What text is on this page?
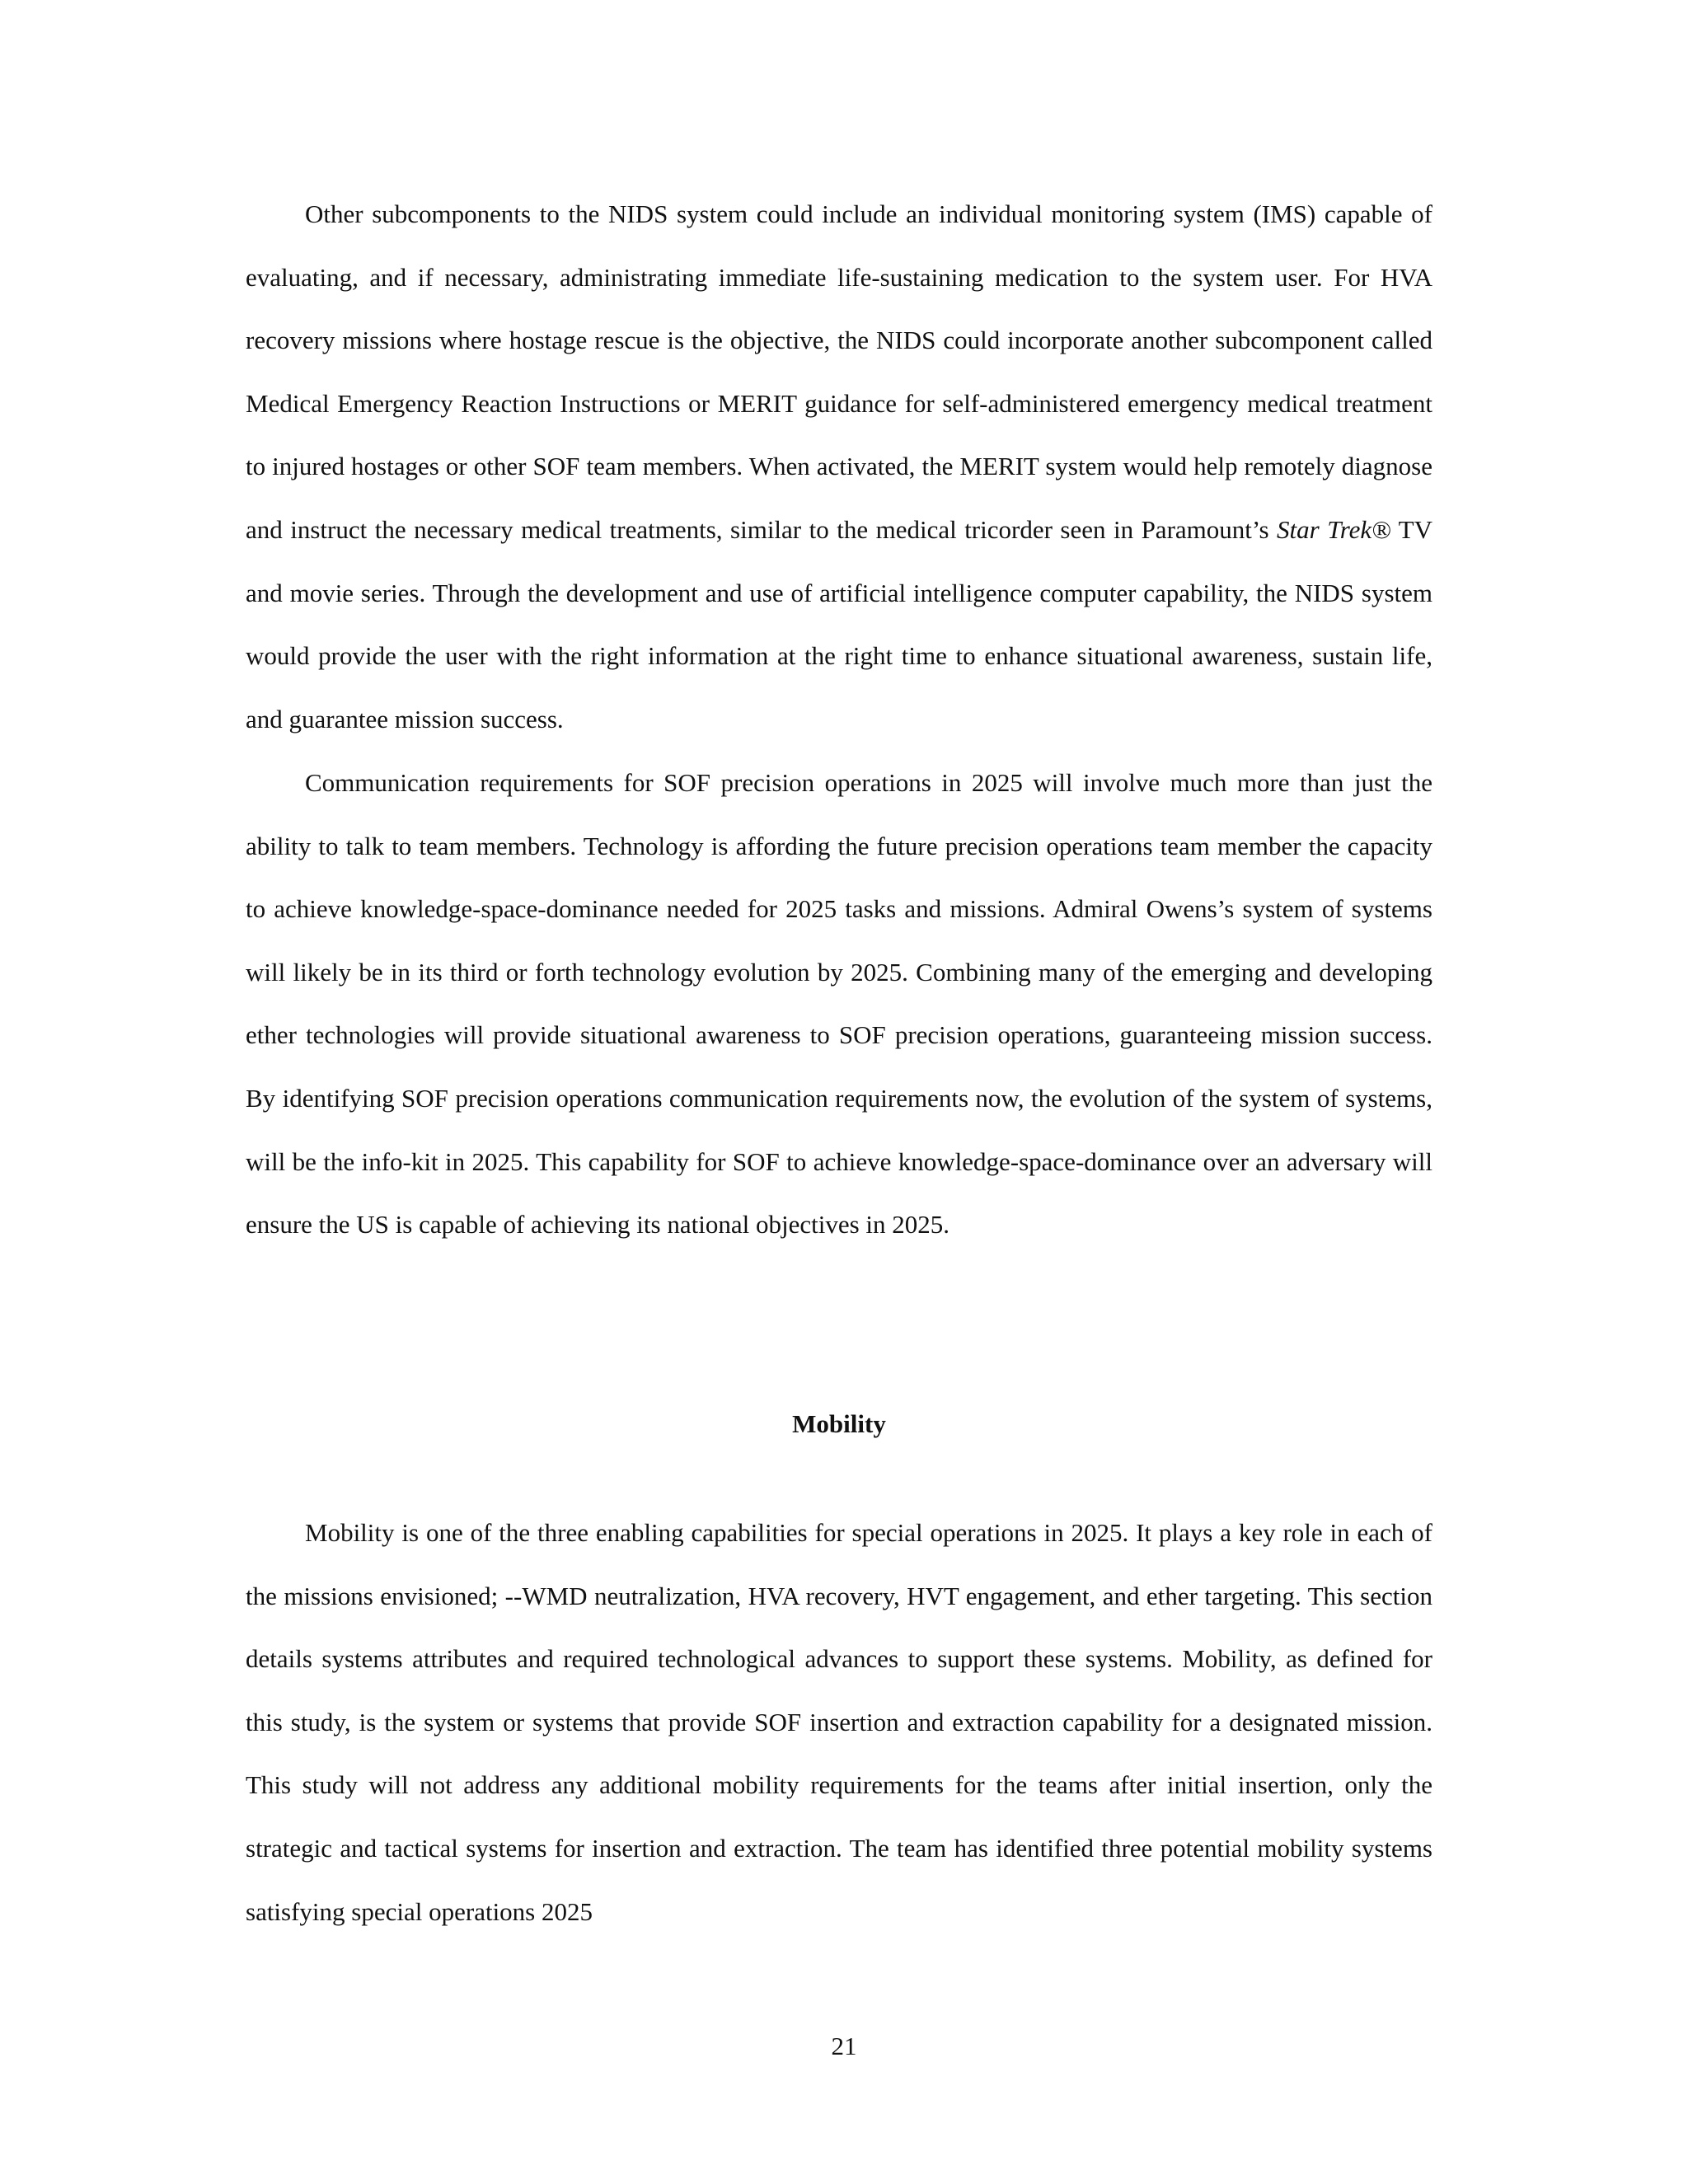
Other subcomponents to the NIDS system could include an individual monitoring system (IMS) capable of evaluating, and if necessary, administrating immediate life-sustaining medication to the system user. For HVA recovery missions where hostage rescue is the objective, the NIDS could incorporate another subcomponent called Medical Emergency Reaction Instructions or MERIT guidance for self-administered emergency medical treatment to injured hostages or other SOF team members. When activated, the MERIT system would help remotely diagnose and instruct the necessary medical treatments, similar to the medical tricorder seen in Paramount’s Star Trek® TV and movie series. Through the development and use of artificial intelligence computer capability, the NIDS system would provide the user with the right information at the right time to enhance situational awareness, sustain life, and guarantee mission success.

Communication requirements for SOF precision operations in 2025 will involve much more than just the ability to talk to team members. Technology is affording the future precision operations team member the capacity to achieve knowledge-space-dominance needed for 2025 tasks and missions. Admiral Owens’s system of systems will likely be in its third or forth technology evolution by 2025. Combining many of the emerging and developing ether technologies will provide situational awareness to SOF precision operations, guaranteeing mission success. By identifying SOF precision operations communication requirements now, the evolution of the system of systems, will be the info-kit in 2025. This capability for SOF to achieve knowledge-space-dominance over an adversary will ensure the US is capable of achieving its national objectives in 2025.

Mobility

Mobility is one of the three enabling capabilities for special operations in 2025. It plays a key role in each of the missions envisioned; --WMD neutralization, HVA recovery, HVT engagement, and ether targeting. This section details systems attributes and required technological advances to support these systems. Mobility, as defined for this study, is the system or systems that provide SOF insertion and extraction capability for a designated mission. This study will not address any additional mobility requirements for the teams after initial insertion, only the strategic and tactical systems for insertion and extraction. The team has identified three potential mobility systems satisfying special operations 2025

21
